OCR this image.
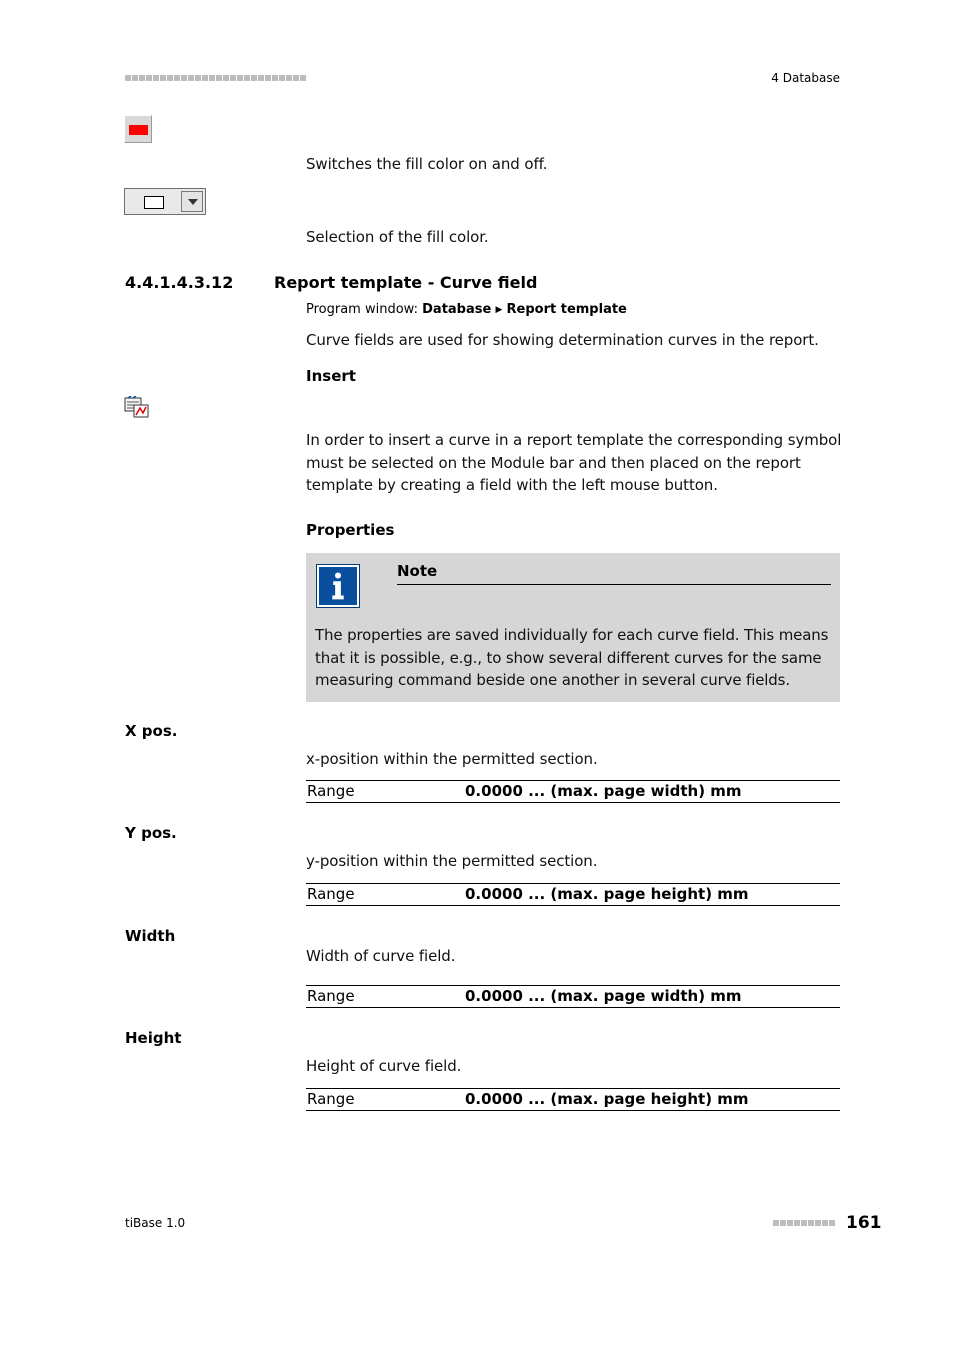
4 Database
Switches the fill color on and off.
Selection of the fill color.
4.4.1.4.3.12	Report template - Curve field
Program window: Database ▶ Report template
Curve fields are used for showing determination curves in the report.
Insert
In order to insert a curve in a report template the corresponding symbol must be selected on the Module bar and then placed on the report template by creating a field with the left mouse button.
Properties
Note
The properties are saved individually for each curve field. This means that it is possible, e.g., to show several different curves for the same measuring command beside one another in several curve fields.
X pos.
x-position within the permitted section.
Range	0.0000 ... (max. page width) mm
Y pos.
y-position within the permitted section.
Range	0.0000 ... (max. page height) mm
Width
Width of curve field.
Range	0.0000 ... (max. page width) mm
Height
Height of curve field.
Range	0.0000 ... (max. page height) mm
tiBase 1.0	161
